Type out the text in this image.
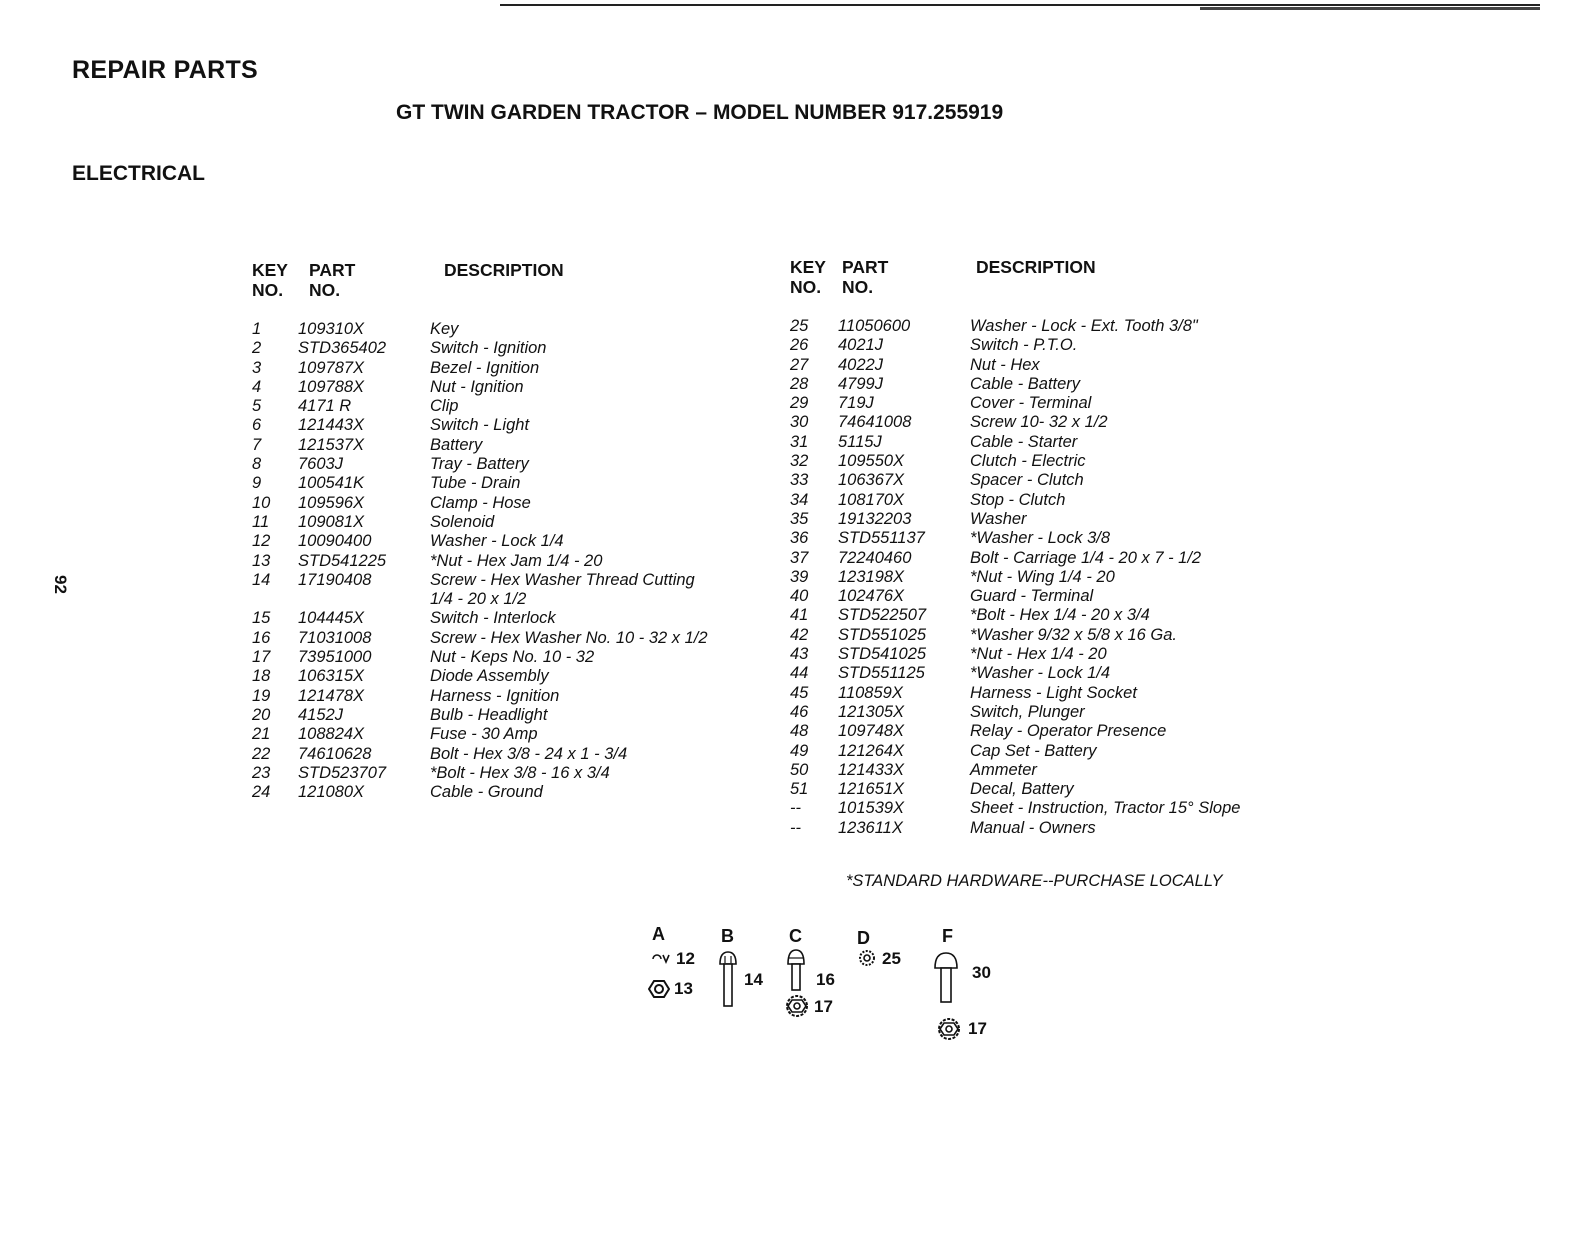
REPAIR PARTS
GT TWIN GARDEN TRACTOR – MODEL NUMBER 917.255919
ELECTRICAL
92
KEY
NO.
PART
NO.
DESCRIPTION
1 109310X	Key
2 STD365402	Switch - Ignition
3 109787X	Bezel - Ignition
4 109788X	Nut - Ignition
5 4171 R	Clip
6 121443X	Switch - Light
7 121537X	Battery
8 7603J	Tray - Battery
9 100541K	Tube - Drain
10 109596X	Clamp - Hose
11 109081X	Solenoid
12 10090400	Washer - Lock 1/4
13 STD541225	*Nut - Hex Jam 1/4 - 20
14 17190408	Screw - Hex Washer Thread Cutting
1/4 - 20 x 1/2
15 104445X	Switch - Interlock
16 71031008	Screw - Hex Washer No. 10 - 32 x 1/2
17 73951000	Nut - Keps No. 10 - 32
18 106315X	Diode Assembly
19 121478X	Harness - Ignition
20 4152J	Bulb - Headlight
21 108824X	Fuse - 30 Amp
22 74610628	Bolt - Hex 3/8 - 24 x 1 - 3/4
23 STD523707	*Bolt - Hex 3/8 - 16 x 3/4
24 121080X	Cable - Ground
KEY
NO.
PART
NO.
DESCRIPTION
25 11050600	Washer - Lock - Ext. Tooth 3/8"
26 4021J	Switch - P.T.O.
27 4022J	Nut - Hex
28 4799J	Cable - Battery
29 719J	Cover - Terminal
30 74641008	Screw 10- 32 x 1/2
31 5115J	Cable - Starter
32 109550X	Clutch - Electric
33 106367X	Spacer - Clutch
34 108170X	Stop - Clutch
35 19132203	Washer
36 STD551137	*Washer - Lock 3/8
37 72240460	Bolt - Carriage 1/4 - 20 x 7 - 1/2
39 123198X	*Nut - Wing 1/4 - 20
40 102476X	Guard - Terminal
41 STD522507	*Bolt - Hex 1/4 - 20 x 3/4
42 STD551025	*Washer 9/32 x 5/8 x 16 Ga.
43 STD541025	*Nut - Hex 1/4 - 20
44 STD551125	*Washer - Lock 1/4
45 110859X	Harness - Light Socket
46 121305X	Switch, Plunger
48 109748X	Relay - Operator Presence
49 121264X	Cap Set - Battery
50 121433X	Ammeter
51 121651X	Decal, Battery
-- 101539X	Sheet - Instruction, Tractor 15° Slope
-- 123611X	Manual - Owners
*STANDARD HARDWARE--PURCHASE LOCALLY
A	B	C	D	F
12
13	14	16
17
25
30
17
